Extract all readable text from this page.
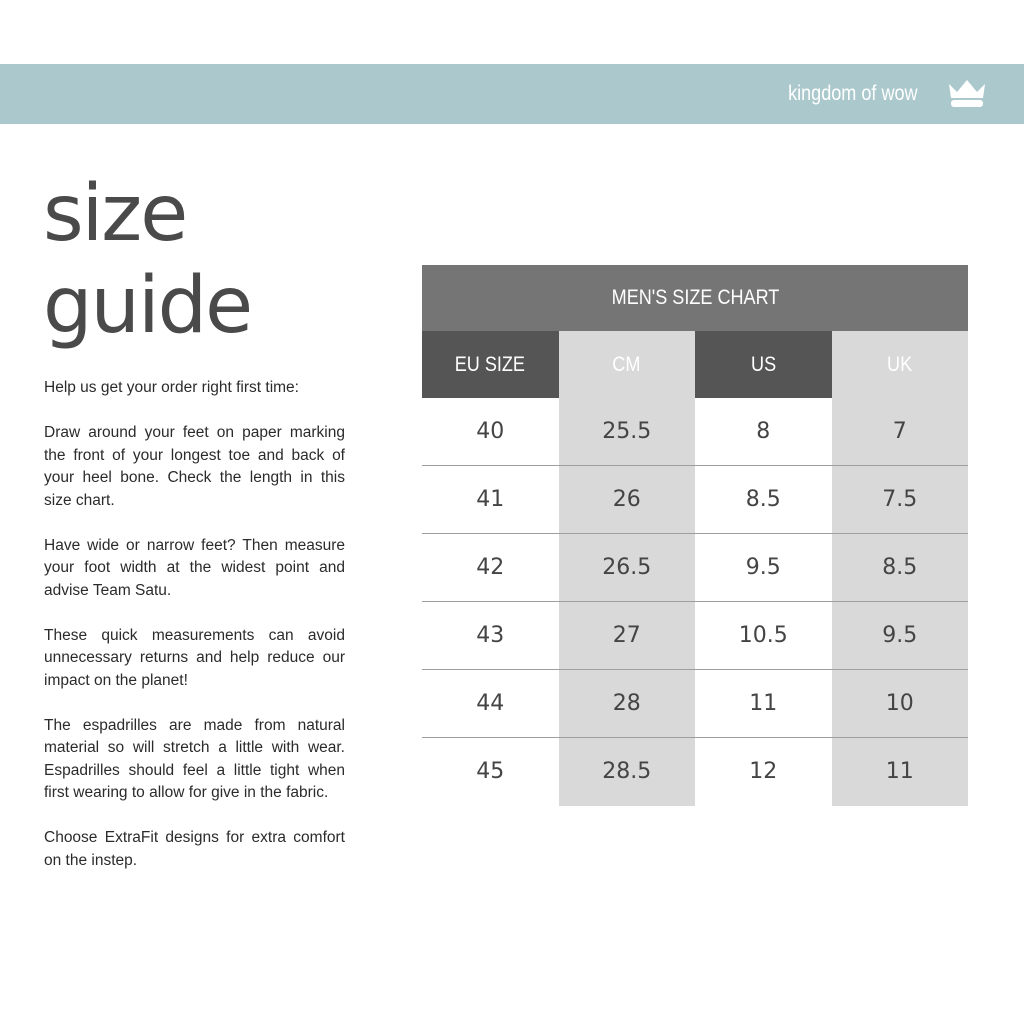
kingdom of wow
size
guide

Help us get your order right first time:

Draw around your feet on paper marking the front of your longest toe and back of your heel bone. Check the length in this size chart.

Have wide or narrow feet? Then measure your foot width at the widest point and advise Team Satu.

These quick measurements can avoid unnecessary returns and help reduce our impact on the planet!

The espadrilles are made from natural material so will stretch a little with wear. Espadrilles should feel a little tight when first wearing to allow for give in the fabric.

Choose ExtraFit designs for extra comfort on the instep.

MEN'S SIZE CHART
EU SIZE	CM	US	UK
40	25.5	8	7
41	26	8.5	7.5
42	26.5	9.5	8.5
43	27	10.5	9.5
44	28	11	10
45	28.5	12	11
